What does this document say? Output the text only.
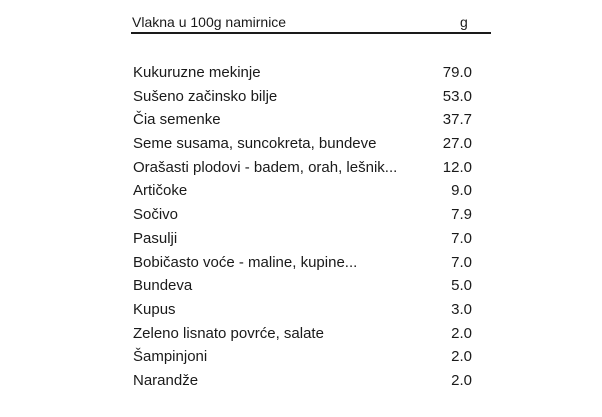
Vlakna u 100g namirnice	g
Kukuruzne mekinje	79.0
Sušeno začinsko bilje	53.0
Čia semenke	37.7
Seme susama, suncokreta, bundeve	27.0
Orašasti plodovi - badem, orah, lešnik...	12.0
Artičoke	9.0
Sočivo	7.9
Pasulji	7.0
Bobičasto voće - maline, kupine...	7.0
Bundeva	5.0
Kupus	3.0
Zeleno lisnato povrće, salate	2.0
Šampinjoni	2.0
Narandže	2.0
